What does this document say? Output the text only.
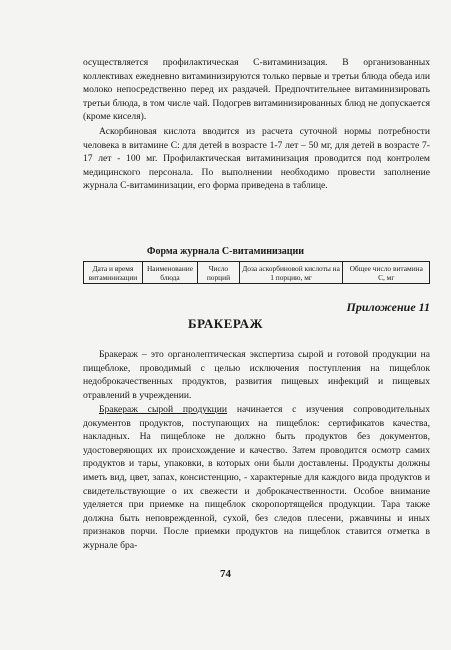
осуществляется профилактическая С-витаминизация. В организованных коллективах ежедневно витаминизируются только первые и третьи блюда обеда или молоко непосредственно перед их раздачей. Предпочтительнее витаминизировать третьи блюда, в том числе чай. Подогрев витаминизированных блюд не допускается (кроме киселя).

Аскорбиновая кислота вводится из расчета суточной нормы потребности человека в витамине С: для детей в возрасте 1-7 лет – 50 мг, для детей в возрасте 7-17 лет - 100 мг. Профилактическая витаминизация проводится под контролем медицинского персонала. По выполнении необходимо провести заполнение журнала С-витаминизации, его форма приведена в таблице.

Форма журнала С-витаминизации
Дата и время витаминизации	Наименование блюда	Число порций	Доза аскорбиновой кислоты на 1 порцию, мг	Общее число витамина С, мг
Приложение 11
БРАКЕРАЖ

Бракераж – это органолептическая экспертиза сырой и готовой продукции на пищеблоке, проводимый с целью исключения поступления на пищеблок недоброкачественных продуктов, развития пищевых инфекций и пищевых отравлений в учреждении.

Бракераж сырой продукции начинается с изучения сопроводительных документов продуктов, поступающих на пищеблок: сертификатов качества, накладных. На пищеблоке не должно быть продуктов без документов, удостоверяющих их происхождение и качество. Затем проводится осмотр самих продуктов и тары, упаковки, в которых они были доставлены. Продукты должны иметь вид, цвет, запах, консистенцию, - характерные для каждого вида продуктов и свидетельствующие о их свежести и доброкачественности. Особое внимание уделяется при приемке на пищеблок скоропортящейся продукции. Тара также должна быть неповрежденной, сухой, без следов плесени, ржавчины и иных признаков порчи. После приемки продуктов на пищеблок ставится отметка в журнале бра-

74
